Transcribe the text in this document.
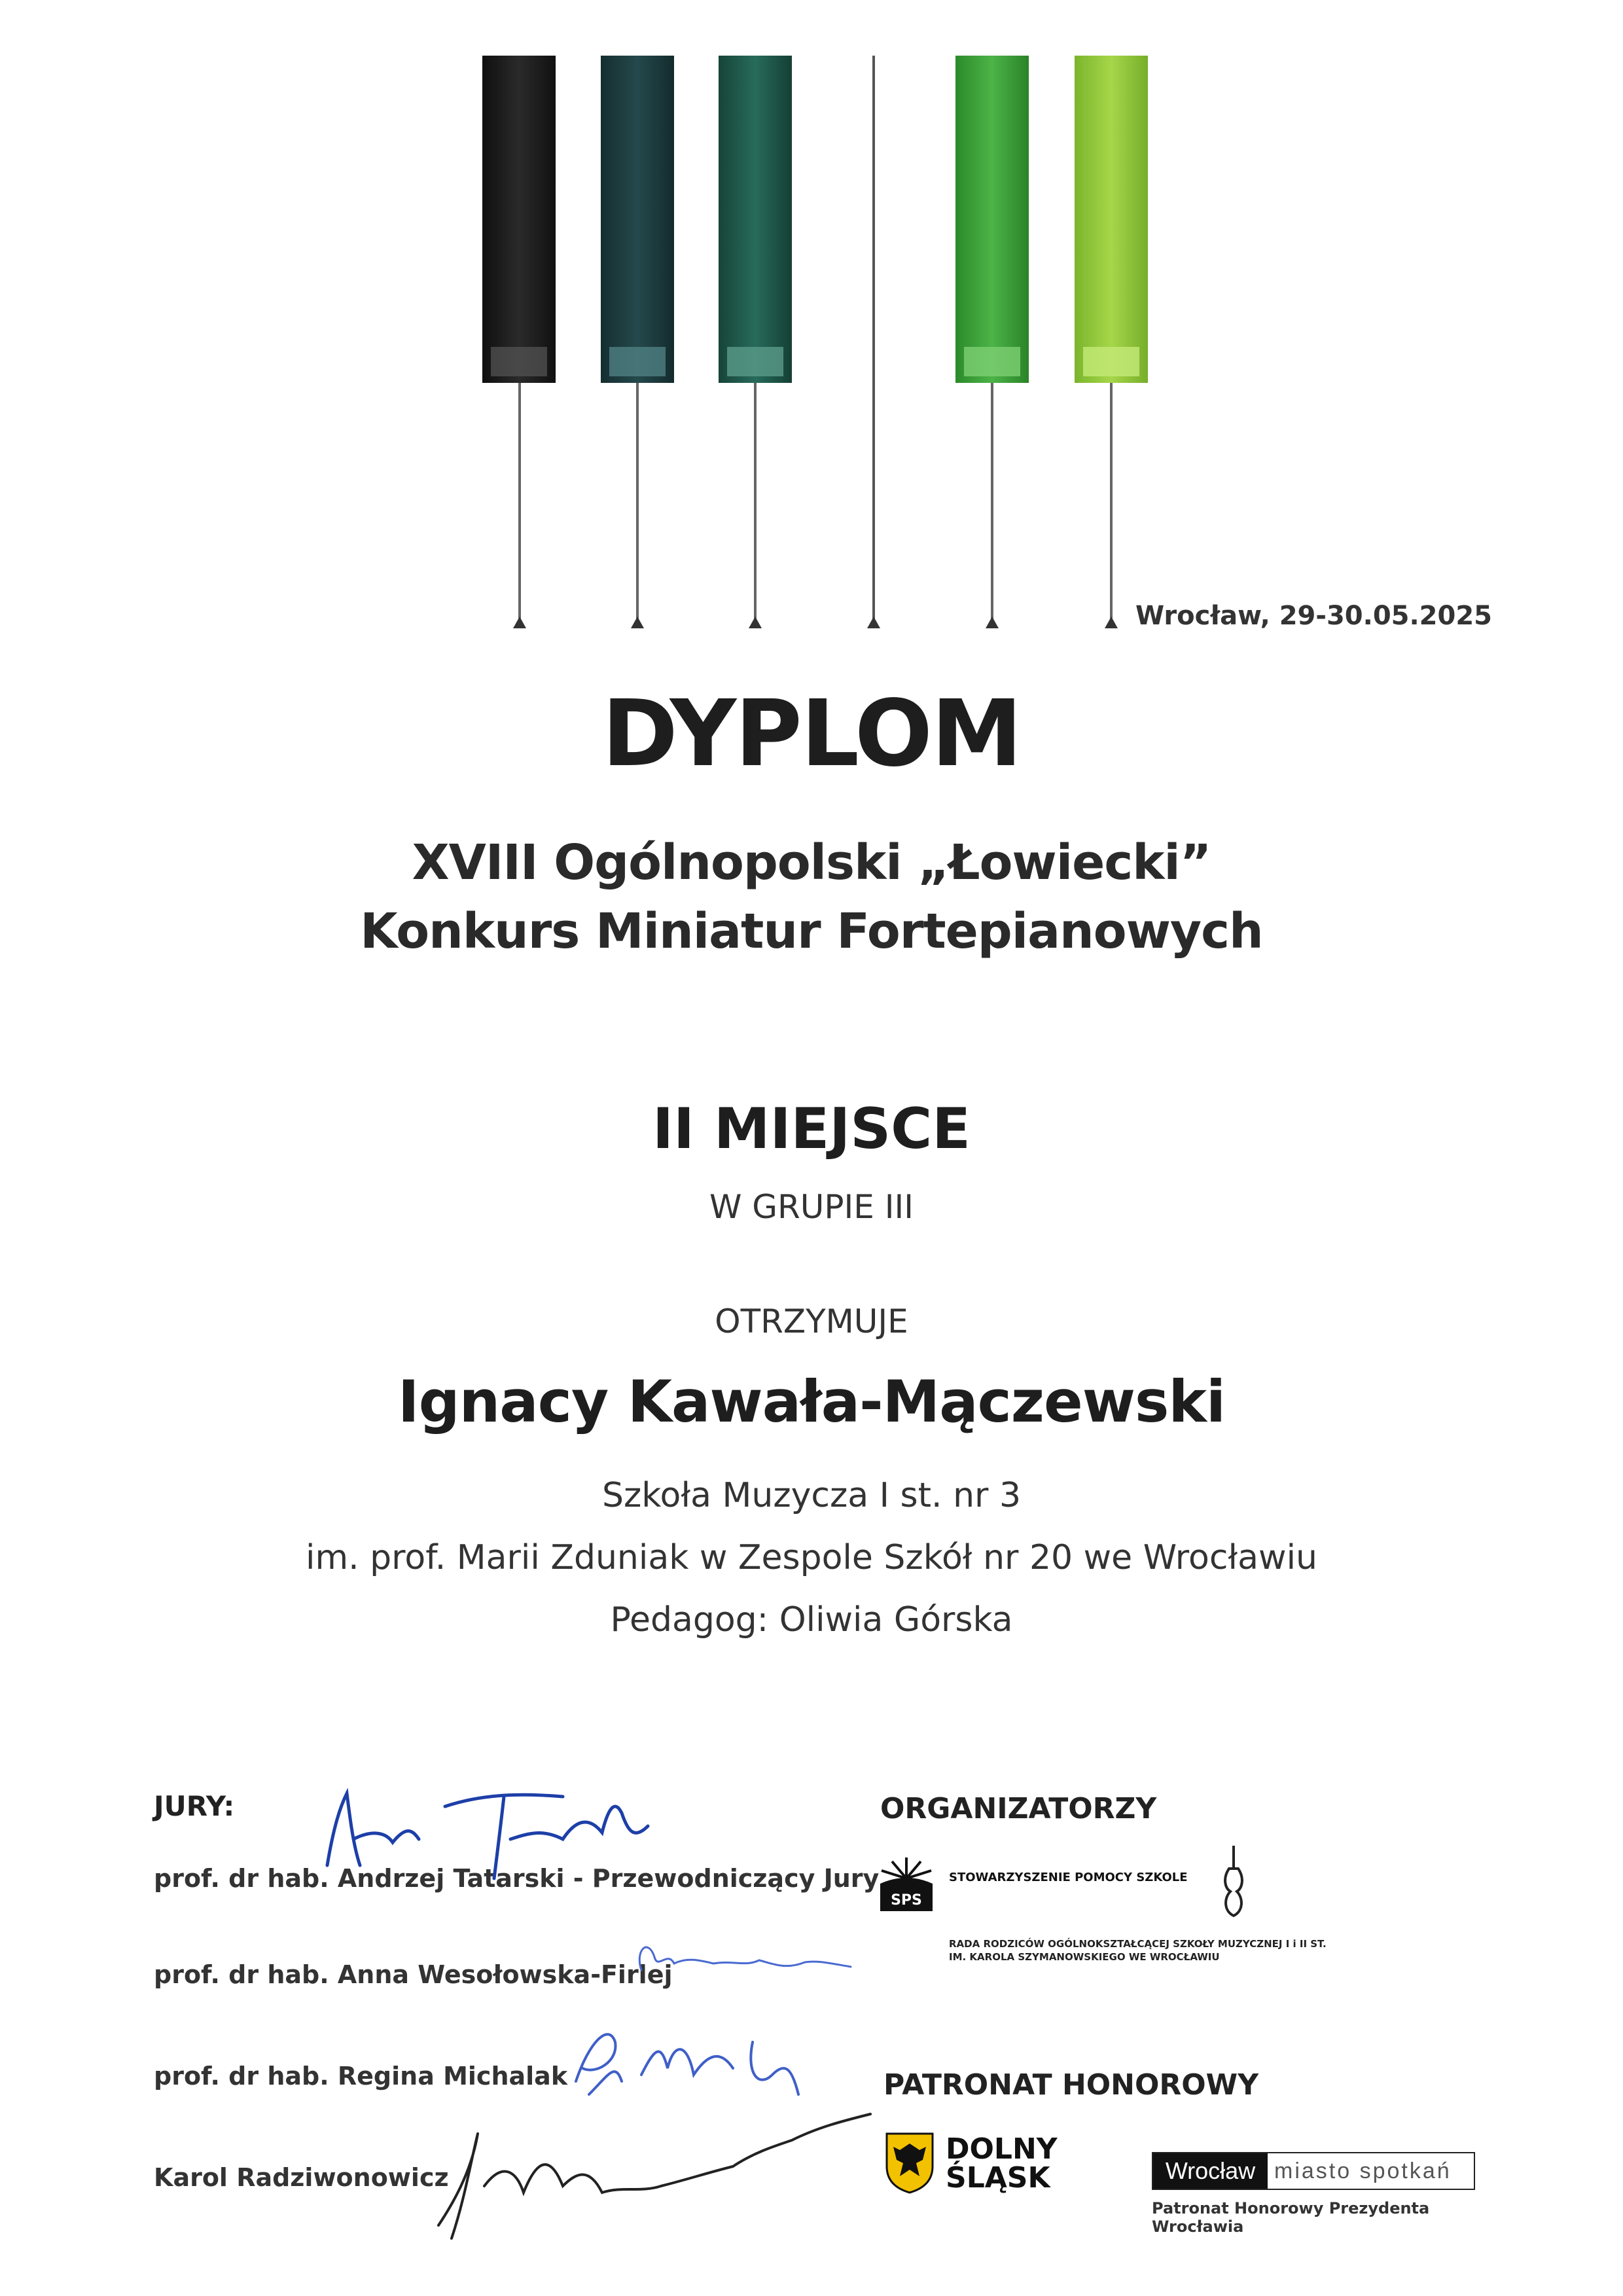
Wrocław, 29-30.05.2025
DYPLOM
XVIII Ogólnopolski „Łowiecki”
Konkurs Miniatur Fortepianowych
II MIEJSCE
W GRUPIE III
OTRZYMUJE
Ignacy Kawała-Mączewski
Szkoła Muzycza I st. nr 3
im. prof. Marii Zduniak w Zespole Szkół nr 20 we Wrocławiu
Pedagog: Oliwia Górska
JURY:
prof. dr hab. Andrzej Tatarski - Przewodniczący Jury
prof. dr hab. Anna Wesołowska-Firlej
prof. dr hab. Regina Michalak
Karol Radziwonowicz
ORGANIZATORZY
SPS
STOWARZYSZENIE POMOCY SZKOLE
RADA RODZICÓW OGÓLNOKSZTAŁCĄCEJ SZKOŁY MUZYCZNEJ I i II ST.
IM. KAROLA SZYMANOWSKIEGO WE WROCŁAWIU
PATRONAT HONOROWY
DOLNY
ŚLĄSK	Wrocław miasto spotkań
Patronat Honorowy Prezydenta Wrocławia
